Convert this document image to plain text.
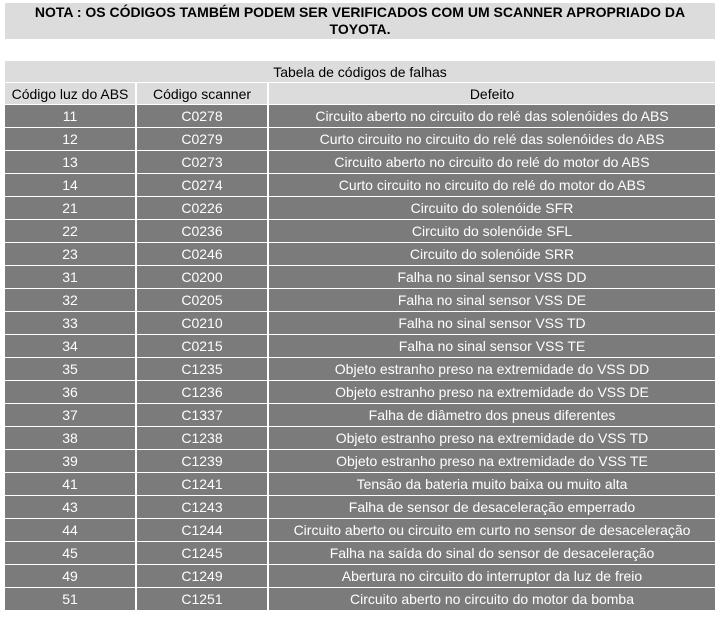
NOTA : OS CÓDIGOS TAMBÉM PODEM SER VERIFICADOS COM UM SCANNER APROPRIADO DA
TOYOTA.
Tabela de códigos de falhas		
Código luz do ABS	Código scanner	Defeito
11	C0278	Circuito aberto no circuito do relé das solenóides do ABS
12	C0279	Curto circuito no circuito do relé das solenóides do ABS
13	C0273	Circuito aberto no circuito do relé do motor do ABS
14	C0274	Curto circuito no circuito do relé do motor do ABS
21	C0226	Circuito do solenóide SFR
22	C0236	Circuito do solenóide SFL
23	C0246	Circuito do solenóide SRR
31	C0200	Falha no sinal sensor VSS DD
32	C0205	Falha no sinal sensor VSS DE
33	C0210	Falha no sinal sensor VSS TD
34	C0215	Falha no sinal sensor VSS TE
35	C1235	Objeto estranho preso na extremidade do VSS DD
36	C1236	Objeto estranho preso na extremidade do VSS DE
37	C1337	Falha de diâmetro dos pneus diferentes
38	C1238	Objeto estranho preso na extremidade do VSS TD
39	C1239	Objeto estranho preso na extremidade do VSS TE
41	C1241	Tensão da bateria muito baixa ou muito alta
43	C1243	Falha de sensor de desaceleração emperrado
44	C1244	Circuito aberto ou circuito em curto no sensor de desaceleração
45	C1245	Falha na saída do sinal do sensor de desaceleração
49	C1249	Abertura no circuito do interruptor da luz de freio
51	C1251	Circuito aberto no circuito do motor da bomba
